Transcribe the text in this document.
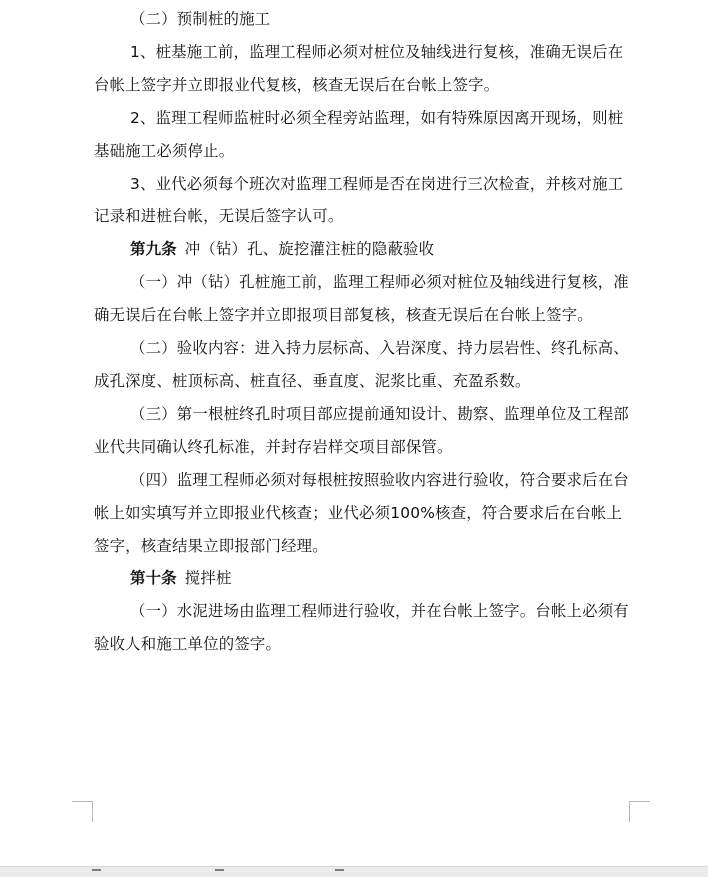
（二）预制桩的施工

1、桩基施工前，监理工程师必须对桩位及轴线进行复核，准确无误后在台帐上签字并立即报业代复核，核查无误后在台帐上签字。

2、监理工程师监桩时必须全程旁站监理，如有特殊原因离开现场，则桩基础施工必须停止。

3、业代必须每个班次对监理工程师是否在岗进行三次检查，并核对施工记录和进桩台帐，无误后签字认可。

第九条 冲（钻）孔、旋挖灌注桩的隐蔽验收

（一）冲（钻）孔桩施工前，监理工程师必须对桩位及轴线进行复核，准确无误后在台帐上签字并立即报项目部复核，核查无误后在台帐上签字。

（二）验收内容：进入持力层标高、入岩深度、持力层岩性、终孔标高、成孔深度、桩顶标高、桩直径、垂直度、泥浆比重、充盈系数。

（三）第一根桩终孔时项目部应提前通知设计、勘察、监理单位及工程部业代共同确认终孔标准，并封存岩样交项目部保管。

（四）监理工程师必须对每根桩按照验收内容进行验收，符合要求后在台帐上如实填写并立即报业代核查；业代必须100%核查，符合要求后在台帐上签字，核查结果立即报部门经理。

第十条 搅拌桩

（一）水泥进场由监理工程师进行验收，并在台帐上签字。台帐上必须有验收人和施工单位的签字。
